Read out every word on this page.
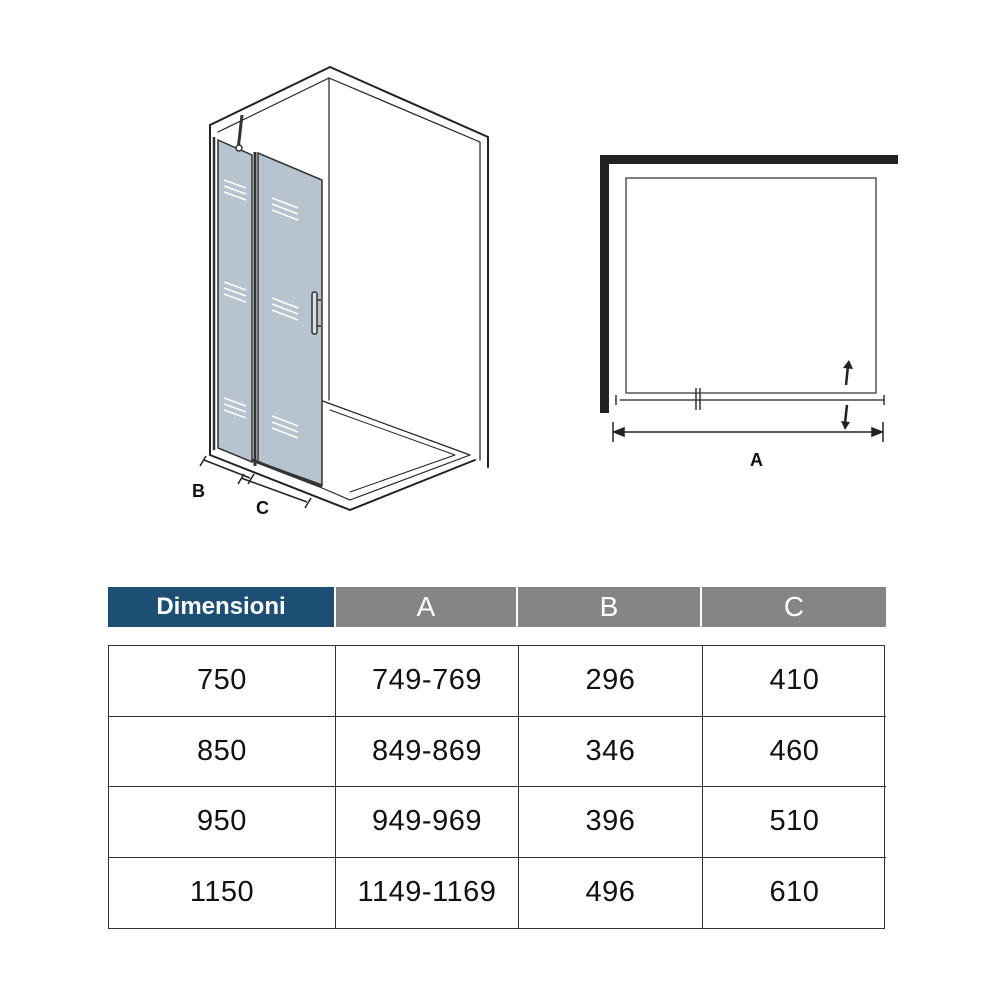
B
C
A
Dimensioni	A	B	C
750	749-769	296	410
850	849-869	346	460
950	949-969	396	510
1150	1149-1169	496	610
